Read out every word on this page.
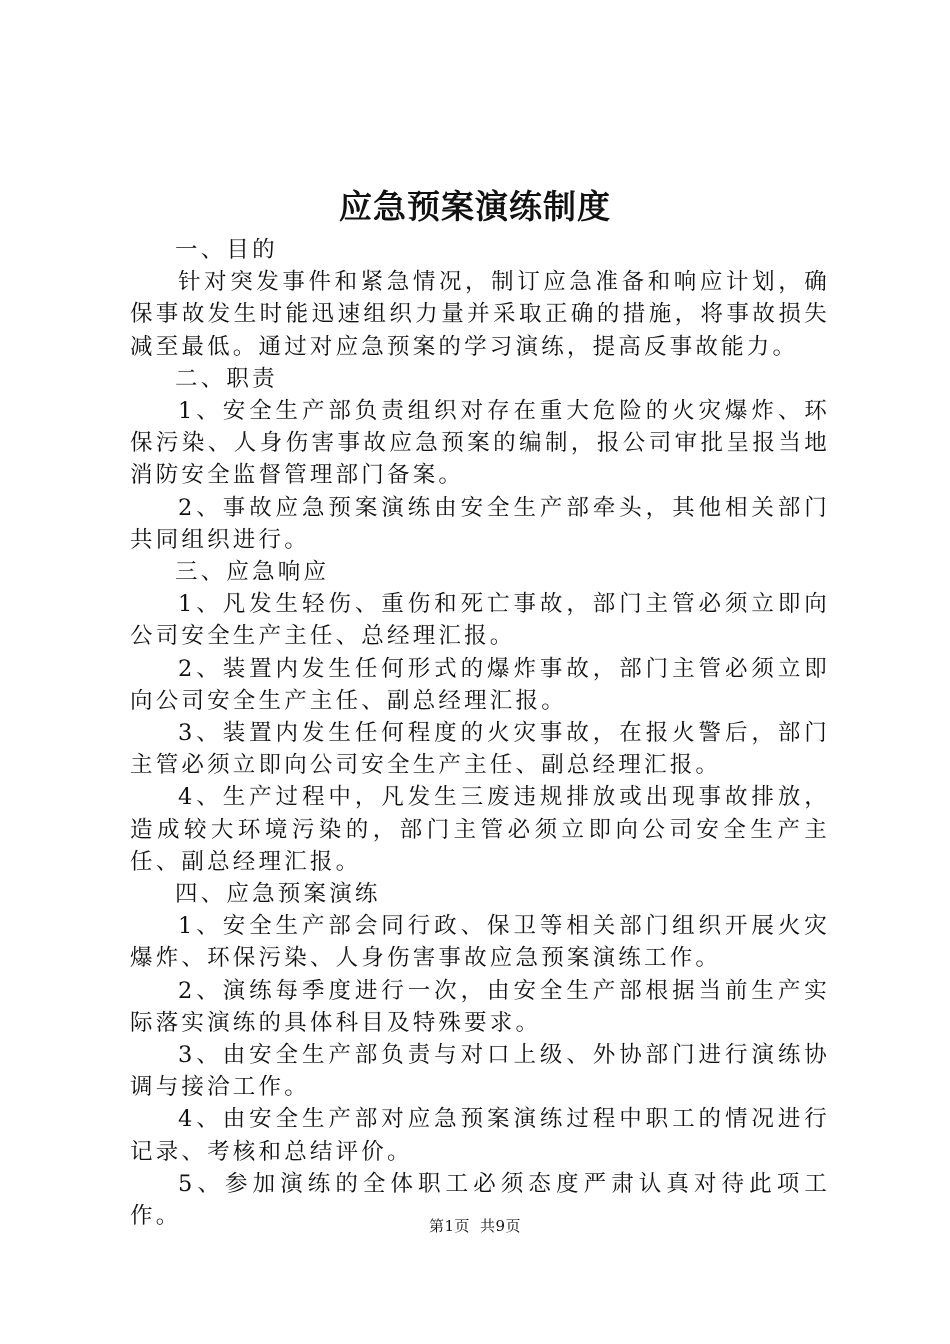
应急预案演练制度

一、目的

针对突发事件和紧急情况，制订应急准备和响应计划，确保事故发生时能迅速组织力量并采取正确的措施，将事故损失减至最低。通过对应急预案的学习演练，提高反事故能力。

二、职责

1、安全生产部负责组织对存在重大危险的火灾爆炸、环保污染、人身伤害事故应急预案的编制，报公司审批呈报当地消防安全监督管理部门备案。

2、事故应急预案演练由安全生产部牵头，其他相关部门共同组织进行。

三、应急响应

1、凡发生轻伤、重伤和死亡事故，部门主管必须立即向公司安全生产主任、总经理汇报。

2、装置内发生任何形式的爆炸事故，部门主管必须立即向公司安全生产主任、副总经理汇报。

3、装置内发生任何程度的火灾事故，在报火警后，部门主管必须立即向公司安全生产主任、副总经理汇报。

4、生产过程中，凡发生三废违规排放或出现事故排放，造成较大环境污染的，部门主管必须立即向公司安全生产主任、副总经理汇报。

四、应急预案演练

1、安全生产部会同行政、保卫等相关部门组织开展火灾爆炸、环保污染、人身伤害事故应急预案演练工作。

2、演练每季度进行一次，由安全生产部根据当前生产实际落实演练的具体科目及特殊要求。

3、由安全生产部负责与对口上级、外协部门进行演练协调与接洽工作。

4、由安全生产部对应急预案演练过程中职工的情况进行记录、考核和总结评价。

5、参加演练的全体职工必须态度严肃认真对待此项工作。	第1页 共9页
